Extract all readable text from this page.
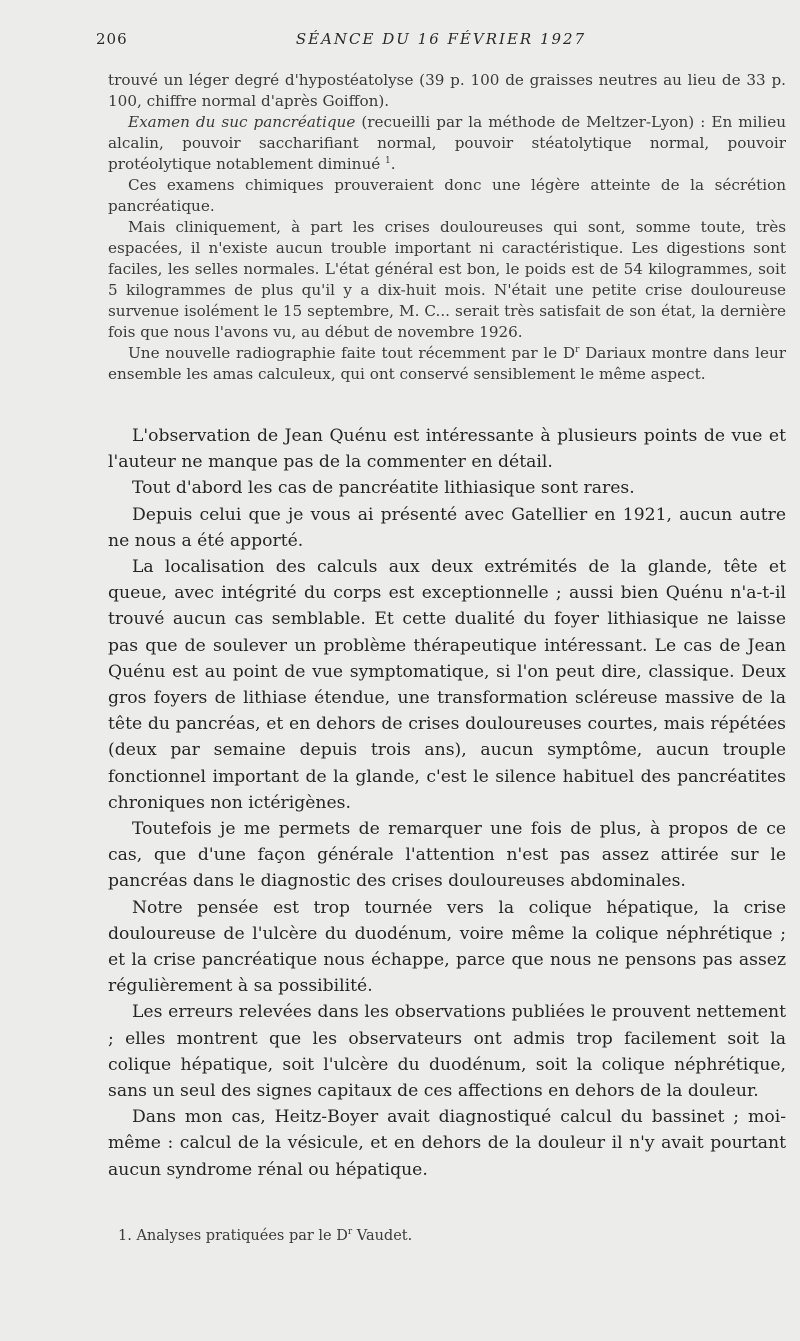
206	SÉANCE DU 16 FÉVRIER 1927

trouvé un léger degré d'hypostéatolyse (39 p. 100 de graisses neutres au lieu de 33 p. 100, chiffre normal d'après Goiffon).

Examen du suc pancréatique (recueilli par la méthode de Meltzer-Lyon) : En milieu alcalin, pouvoir saccharifiant normal, pouvoir stéatolytique normal, pouvoir protéolytique notablement diminué $^1$.

Ces examens chimiques prouveraient donc une légère atteinte de la sécrétion pancréatique.

Mais cliniquement, à part les crises douloureuses qui sont, somme toute, très espacées, il n'existe aucun trouble important ni caractéristique. Les digestions sont faciles, les selles normales. L'état général est bon, le poids est de 54 kilogrammes, soit 5 kilogrammes de plus qu'il y a dix-huit mois. N'était une petite crise douloureuse survenue isolément le 15 septembre, M. C... serait très satisfait de son état, la dernière fois que nous l'avons vu, au début de novembre 1926.

Une nouvelle radiographie faite tout récemment par le $D^r$ Dariaux montre dans leur ensemble les amas calculeux, qui ont conservé sensiblement le même aspect.

L'observation de Jean Quénu est intéressante à plusieurs points de vue et l'auteur ne manque pas de la commenter en détail.

Tout d'abord les cas de pancréatite lithiasique sont rares.

Depuis celui que je vous ai présenté avec Gatellier en 1921, aucun autre ne nous a été apporté.

La localisation des calculs aux deux extrémités de la glande, tête et queue, avec intégrité du corps est exceptionnelle ; aussi bien Quénu n'a-t-il trouvé aucun cas semblable. Et cette dualité du foyer lithiasique ne laisse pas que de soulever un problème thérapeutique intéressant. Le cas de Jean Quénu est au point de vue symptomatique, si l'on peut dire, classique. Deux gros foyers de lithiase étendue, une transformation scléreuse massive de la tête du pancréas, et en dehors de crises douloureuses courtes, mais répétées (deux par semaine depuis trois ans), aucun symptôme, aucun trouple fonctionnel important de la glande, c'est le silence habituel des pancréatites chroniques non ictérigènes.

Toutefois je me permets de remarquer une fois de plus, à propos de ce cas, que d'une façon générale l'attention n'est pas assez attirée sur le pancréas dans le diagnostic des crises douloureuses abdominales.

Notre pensée est trop tournée vers la colique hépatique, la crise douloureuse de l'ulcère du duodénum, voire même la colique néphrétique ; et la crise pancréatique nous échappe, parce que nous ne pensons pas assez régulièrement à sa possibilité.

Les erreurs relevées dans les observations publiées le prouvent nettement ; elles montrent que les observateurs ont admis trop facilement soit la colique hépatique, soit l'ulcère du duodénum, soit la colique néphrétique, sans un seul des signes capitaux de ces affections en dehors de la douleur.

Dans mon cas, Heitz-Boyer avait diagnostiqué calcul du bassinet ; moi-même : calcul de la vésicule, et en dehors de la douleur il n'y avait pourtant aucun syndrome rénal ou hépatique.

1. Analyses pratiquées par le $D^r$ Vaudet.
